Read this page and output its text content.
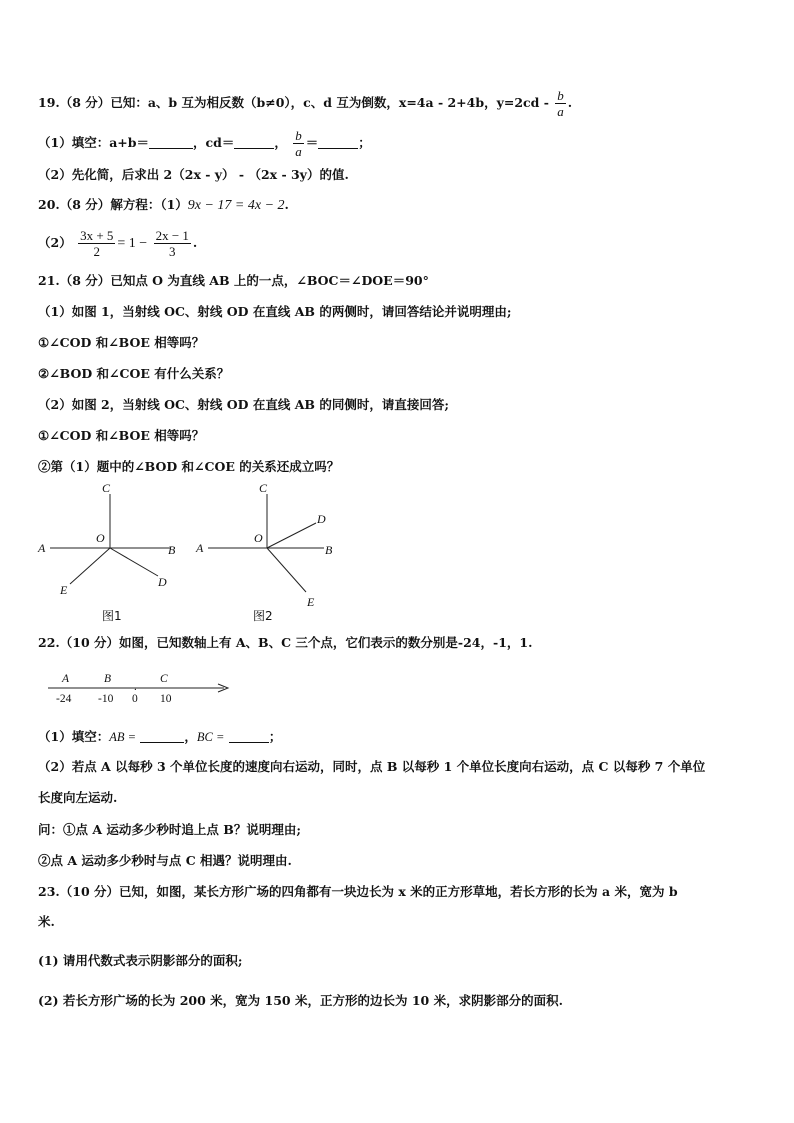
19.（8 分）已知：a、b 互为相反数（b≠0），c、d 互为倒数，x=4a - 2+4b，$y=2cd - \frac{b}{a}$ .
（1）填空：a+b＝	，cd＝	， $\frac{b}{a}$ ＝	；
（2）先化简，后求出 2（2x - y） - （2x - 3y）的值.
20.（8 分）解方程：（1）9x − 17 = 4x − 2.
$(2) \frac{3x + 5}{2} = 1 - \frac{2x - 1}{3}$ .
21.（8 分）已知点 O 为直线 AB 上的一点，∠BOC＝∠DOE＝90°
（1）如图 1，当射线 OC、射线 OD 在直线 AB 的两侧时，请回答结论并说明理由;
①∠COD 和∠BOE 相等吗？
②∠BOD 和∠COE 有什么关系？
（2）如图 2，当射线 OC、射线 OD 在直线 AB 的同侧时，请直接回答;
①∠COD 和∠BOE 相等吗？
②第（1）题中的∠BOD 和∠COE 的关系还成立吗？
C
O
A	B
E
D
图1
C
O
A	B
E
D
图2
22.（10 分）如图，已知数轴上有 A、B、C 三个点，它们表示的数分别是-24，-1，1.
A	B	C
-24 -10 0 10
.
（1）填空：AB =	，BC =	；
（2）若点 A 以每秒 3 个单位长度的速度向右运动，同时，点 B 以每秒 1 个单位长度向右运动，点 C 以每秒 7 个单位
长度向左运动.
问：①点 A 运动多少秒时追上点 B？说明理由;
②点 A 运动多少秒时与点 C 相遇？说明理由.
23.（10 分）已知，如图，某长方形广场的四角都有一块边长为 x 米的正方形草地，若长方形的长为 a 米，宽为 b
米.
(1) 请用代数式表示阴影部分的面积;
(2) 若长方形广场的长为 200 米，宽为 150 米，正方形的边长为 10 米，求阴影部分的面积.
